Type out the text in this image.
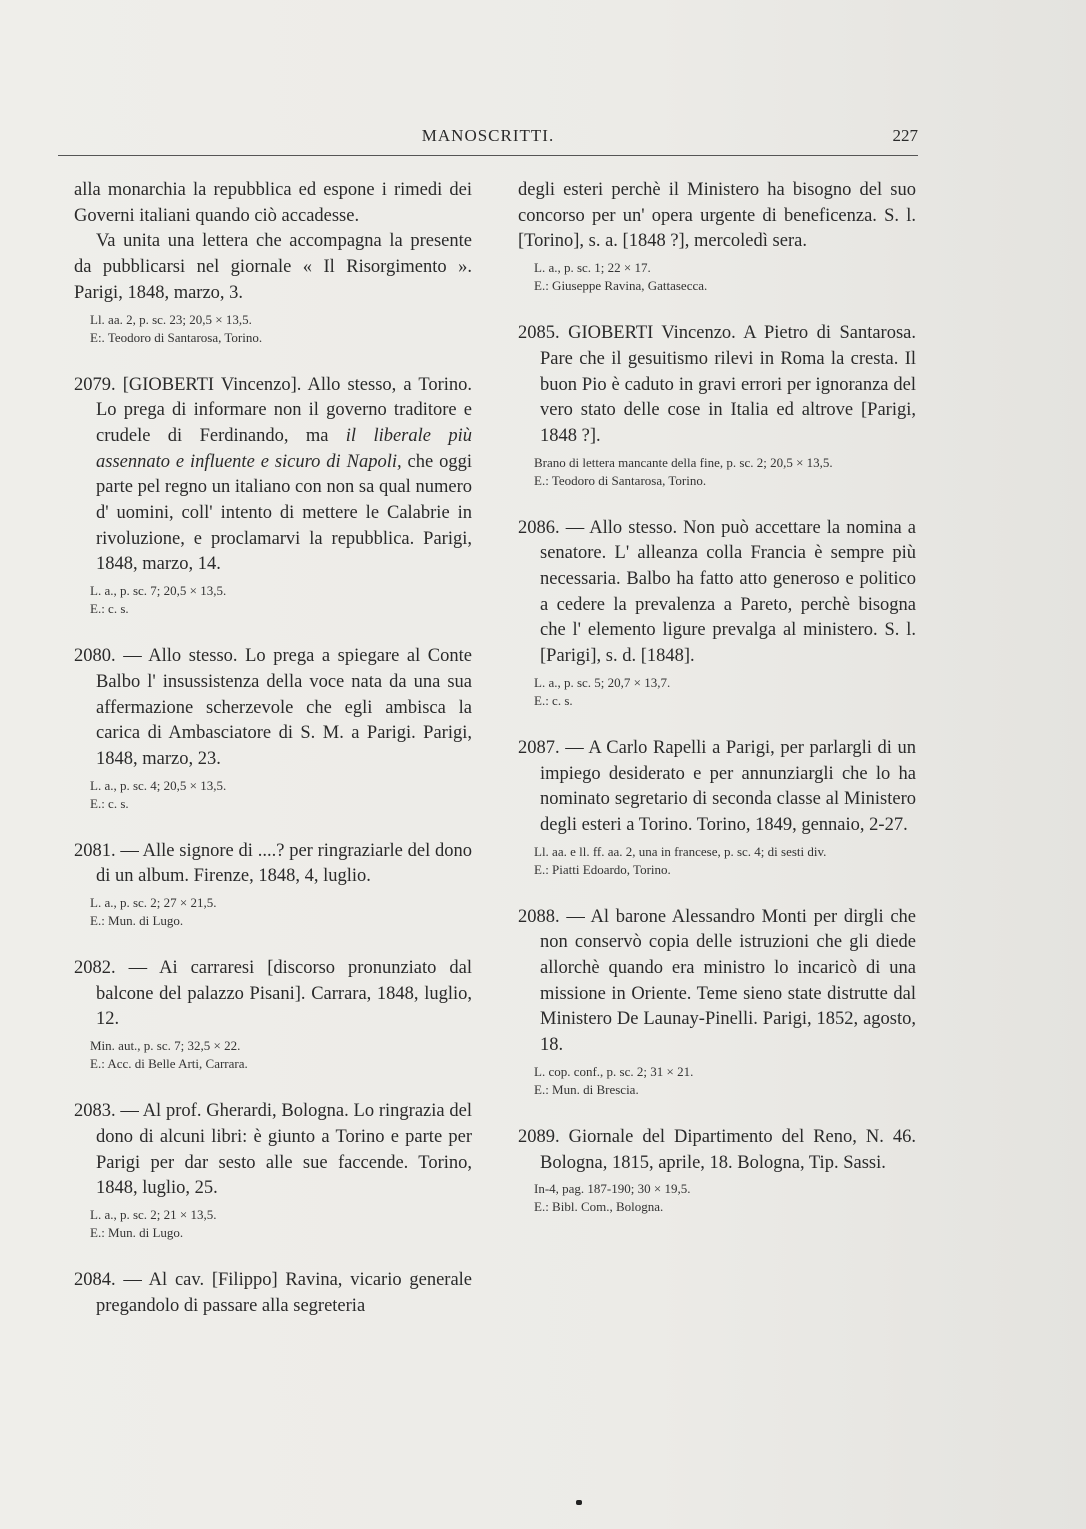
MANOSCRITTI.	227

alla monarchia la repubblica ed espone i rimedi dei Governi italiani quando ciò accadesse.

Va unita una lettera che accompagna la presente da pubblicarsi nel giornale « Il Risorgimento ». Parigi, 1848, marzo, 3.

Ll. aa. 2, p. sc. 23; 20,5 × 13,5.
E:. Teodoro di Santarosa, Torino.
2079. [GIOBERTI Vincenzo]. Allo stesso, a Torino. Lo prega di informare non il governo traditore e crudele di Ferdinando, ma il liberale più assennato e influente e sicuro di Napoli, che oggi parte pel regno un italiano con non sa qual numero d' uomini, coll' intento di mettere le Calabrie in rivoluzione, e proclamarvi la repubblica. Parigi, 1848, marzo, 14.
L. a., p. sc. 7; 20,5 × 13,5.
E.: c. s.
2080. — Allo stesso. Lo prega a spiegare al Conte Balbo l' insussistenza della voce nata da una sua affermazione scherzevole che egli ambisca la carica di Ambasciatore di S. M. a Parigi. Parigi, 1848, marzo, 23.
L. a., p. sc. 4; 20,5 × 13,5.
E.: c. s.
2081. — Alle signore di ....? per ringraziarle del dono di un album. Firenze, 1848, 4, luglio.
L. a., p. sc. 2; 27 × 21,5.
E.: Mun. di Lugo.
2082. — Ai carraresi [discorso pronunziato dal balcone del palazzo Pisani]. Carrara, 1848, luglio, 12.
Min. aut., p. sc. 7; 32,5 × 22.
E.: Acc. di Belle Arti, Carrara.
2083. — Al prof. Gherardi, Bologna. Lo ringrazia del dono di alcuni libri: è giunto a Torino e parte per Parigi per dar sesto alle sue faccende. Torino, 1848, luglio, 25.
L. a., p. sc. 2; 21 × 13,5.
E.: Mun. di Lugo.
2084. — Al cav. [Filippo] Ravina, vicario generale pregandolo di passare alla segreteria

degli esteri perchè il Ministero ha bisogno del suo concorso per un' opera urgente di beneficenza. S. l. [Torino], s. a. [1848 ?], mercoledì sera.

L. a., p. sc. 1; 22 × 17.
E.: Giuseppe Ravina, Gattasecca.
2085. GIOBERTI Vincenzo. A Pietro di Santarosa. Pare che il gesuitismo rilevi in Roma la cresta. Il buon Pio è caduto in gravi errori per ignoranza del vero stato delle cose in Italia ed altrove [Parigi, 1848 ?].
Brano di lettera mancante della fine, p. sc. 2; 20,5 × 13,5.
E.: Teodoro di Santarosa, Torino.
2086. — Allo stesso. Non può accettare la nomina a senatore. L' alleanza colla Francia è sempre più necessaria. Balbo ha fatto atto generoso e politico a cedere la prevalenza a Pareto, perchè bisogna che l' elemento ligure prevalga al ministero. S. l. [Parigi], s. d. [1848].
L. a., p. sc. 5; 20,7 × 13,7.
E.: c. s.
2087. — A Carlo Rapelli a Parigi, per parlargli di un impiego desiderato e per annunziargli che lo ha nominato segretario di seconda classe al Ministero degli esteri a Torino. Torino, 1849, gennaio, 2-27.
Ll. aa. e ll. ff. aa. 2, una in francese, p. sc. 4; di sesti div.
E.: Piatti Edoardo, Torino.
2088. — Al barone Alessandro Monti per dirgli che non conservò copia delle istruzioni che gli diede allorchè quando era ministro lo incaricò di una missione in Oriente. Teme sieno state distrutte dal Ministero De Launay-Pinelli. Parigi, 1852, agosto, 18.
L. cop. conf., p. sc. 2; 31 × 21.
E.: Mun. di Brescia.
2089. Giornale del Dipartimento del Reno, N. 46. Bologna, 1815, aprile, 18. Bologna, Tip. Sassi.
In-4, pag. 187-190; 30 × 19,5.
E.: Bibl. Com., Bologna.
